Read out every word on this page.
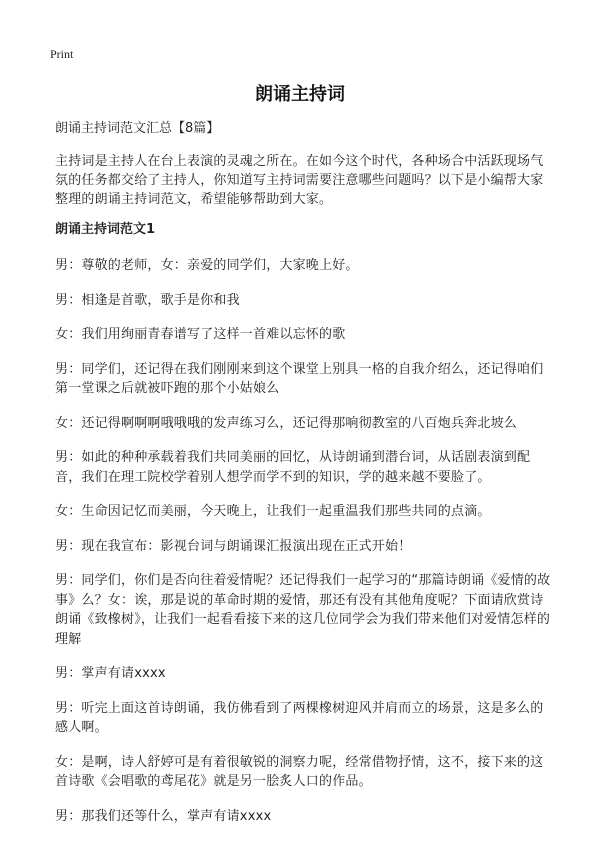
Print
朗诵主持词

朗诵主持词范文汇总【8篇】

主持词是主持人在台上表演的灵魂之所在。在如今这个时代，各种场合中活跃现场气氛的任务都交给了主持人，你知道写主持词需要注意哪些问题吗？以下是小编帮大家整理的朗诵主持词范文，希望能够帮助到大家。

朗诵主持词范文1

男：尊敬的老师，女：亲爱的同学们，大家晚上好。

男：相逢是首歌，歌手是你和我

女：我们用绚丽青春谱写了这样一首难以忘怀的歌

男：同学们，还记得在我们刚刚来到这个课堂上别具一格的自我介绍么，还记得咱们第一堂课之后就被吓跑的那个小姑娘么

女：还记得啊啊啊哦哦哦的发声练习么，还记得那响彻教室的八百炮兵奔北坡么

男：如此的种种承载着我们共同美丽的回忆，从诗朗诵到潜台词，从话剧表演到配音，我们在理工院校学着别人想学而学不到的知识，学的越来越不要脸了。

女：生命因记忆而美丽，今天晚上，让我们一起重温我们那些共同的点滴。

男：现在我宣布：影视台词与朗诵课汇报演出现在正式开始！

男：同学们，你们是否向往着爱情呢？还记得我们一起学习的“那篇诗朗诵《爱情的故事》么？女：诶，那是说的革命时期的爱情，那还有没有其他角度呢？下面请欣赏诗朗诵《致橡树》，让我们一起看看接下来的这几位同学会为我们带来他们对爱情怎样的理解

男：掌声有请xxxx

男：听完上面这首诗朗诵，我仿佛看到了两棵橡树迎风并肩而立的场景，这是多么的感人啊。

女：是啊，诗人舒婷可是有着很敏锐的洞察力呢，经常借物抒情，这不，接下来的这首诗歌《会唱歌的鸢尾花》就是另一脍炙人口的作品。

男：那我们还等什么，掌声有请xxxx
